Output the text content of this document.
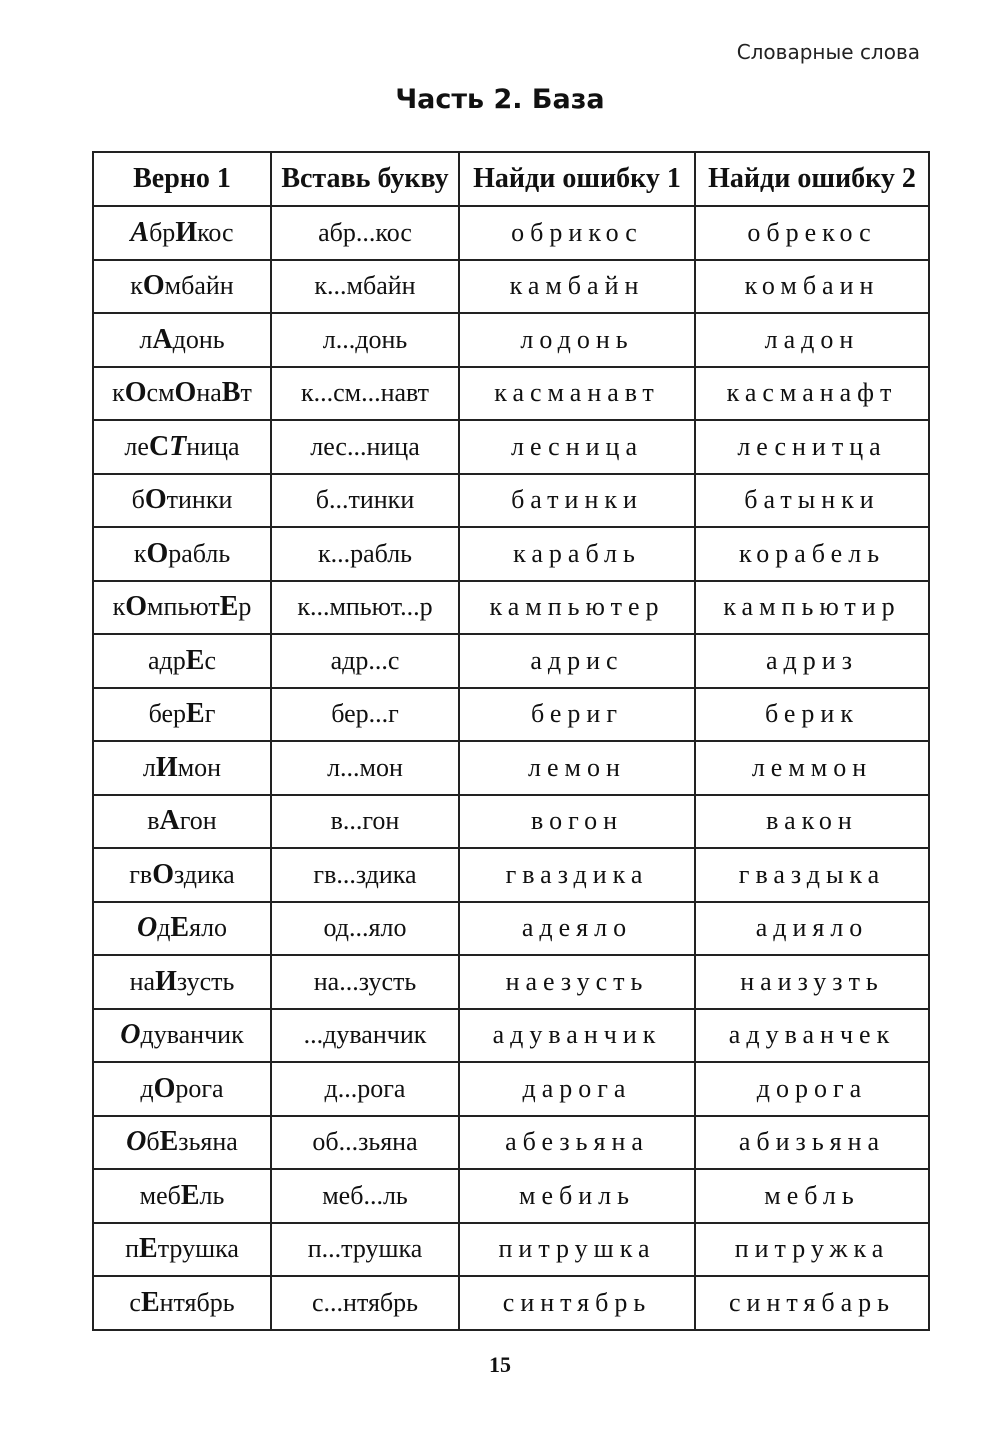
Словарные слова
Часть 2. База
Верно 1	Вставь букву	Найди ошибку 1	Найди ошибку 2
АбрИкос	абр...кос	обрикос	обрекос
кОмбайн	к...мбайн	камбайн	комбаин
лАдонь	л...донь	лодонь	ладон
кОсмОнаВт	к...см...навт	касманавт	касманафт
леСТница	лес...ница	лесница	леснитца
бОтинки	б...тинки	батинки	батынки
кОрабль	к...рабль	карабль	корабель
кОмпьютЕр	к...мпьют...р	кампьютер	кампьютир
адрЕс	адр...с	адрис	адриз
берЕг	бер...г	бериг	берик
лИмон	л...мон	лемон	леммон
вАгон	в...гон	вогон	вакон
гвОздика	гв...здика	гваздика	гваздыка
ОдЕяло	од...яло	адеяло	адияло
наИзусть	на...зусть	наезусть	наизузть
Одуванчик	...дуванчик	адуванчик	адуванчек
дОрога	д...рога	дарога	дорога
ОбЕзьяна	об...зьяна	абезьяна	абизьяна
мебЕль	меб...ль	мебиль	мебль
пЕтрушка	п...трушка	питрушка	питружка
сЕнтябрь	с...нтябрь	синтябрь	синтябарь
15
